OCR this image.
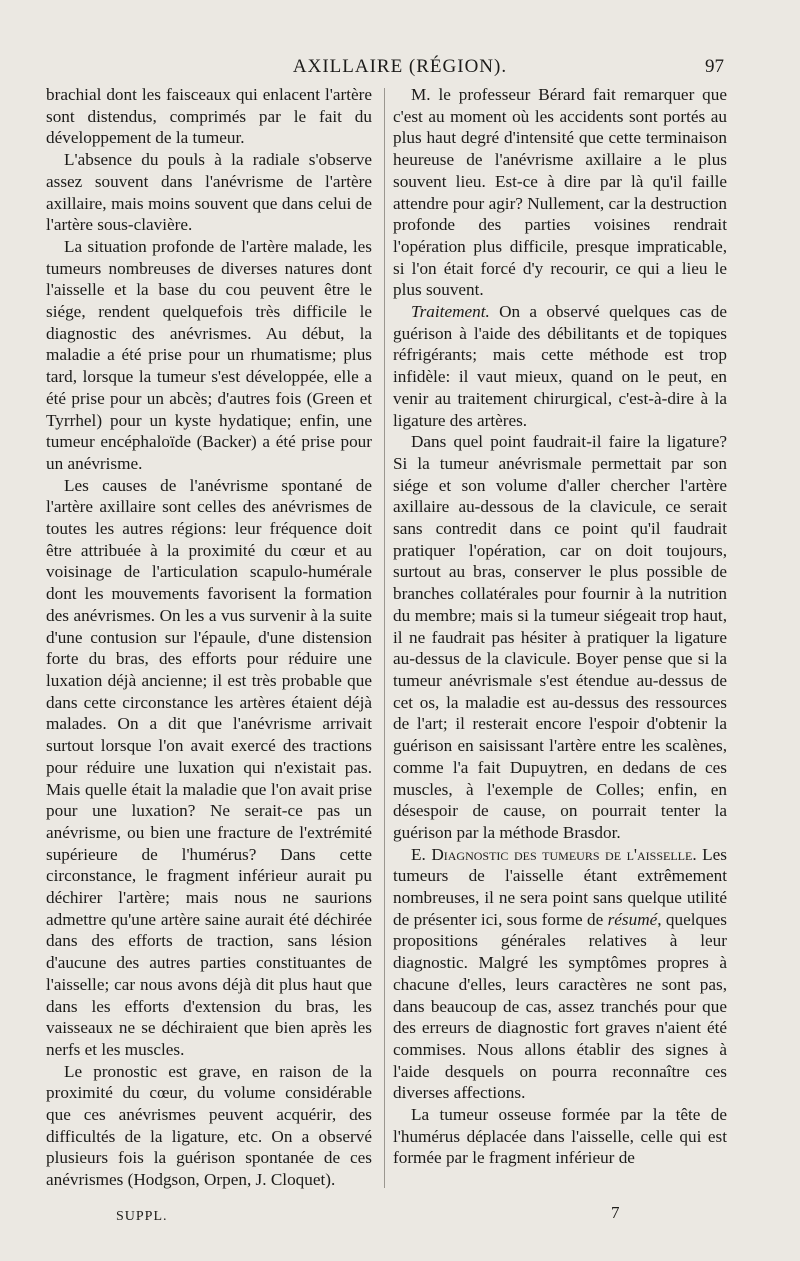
AXILLAIRE (RÉGION).	97

brachial dont les faisceaux qui enlacent l'artère sont distendus, comprimés par le fait du développement de la tumeur.

L'absence du pouls à la radiale s'observe assez souvent dans l'anévrisme de l'artère axillaire, mais moins souvent que dans celui de l'artère sous-clavière.

La situation profonde de l'artère malade, les tumeurs nombreuses de diverses natures dont l'aisselle et la base du cou peuvent être le siége, rendent quelquefois très difficile le diagnostic des anévrismes. Au début, la maladie a été prise pour un rhumatisme; plus tard, lorsque la tumeur s'est développée, elle a été prise pour un abcès; d'autres fois (Green et Tyrrhel) pour un kyste hydatique; enfin, une tumeur encéphaloïde (Backer) a été prise pour un anévrisme.

Les causes de l'anévrisme spontané de l'artère axillaire sont celles des anévrismes de toutes les autres régions: leur fréquence doit être attribuée à la proximité du cœur et au voisinage de l'articulation scapulo-humérale dont les mouvements favorisent la formation des anévrismes. On les a vus survenir à la suite d'une contusion sur l'épaule, d'une distension forte du bras, des efforts pour réduire une luxation déjà ancienne; il est très probable que dans cette circonstance les artères étaient déjà malades. On a dit que l'anévrisme arrivait surtout lorsque l'on avait exercé des tractions pour réduire une luxation qui n'existait pas. Mais quelle était la maladie que l'on avait prise pour une luxation? Ne serait-ce pas un anévrisme, ou bien une fracture de l'extrémité supérieure de l'humérus? Dans cette circonstance, le fragment inférieur aurait pu déchirer l'artère; mais nous ne saurions admettre qu'une artère saine aurait été déchirée dans des efforts de traction, sans lésion d'aucune des autres parties constituantes de l'aisselle; car nous avons déjà dit plus haut que dans les efforts d'extension du bras, les vaisseaux ne se déchiraient que bien après les nerfs et les muscles.

Le pronostic est grave, en raison de la proximité du cœur, du volume considérable que ces anévrismes peuvent acquérir, des difficultés de la ligature, etc. On a observé plusieurs fois la guérison spontanée de ces anévrismes (Hodgson, Orpen, J. Cloquet).

M. le professeur Bérard fait remarquer que c'est au moment où les accidents sont portés au plus haut degré d'intensité que cette terminaison heureuse de l'anévrisme axillaire a le plus souvent lieu. Est-ce à dire par là qu'il faille attendre pour agir? Nullement, car la destruction profonde des parties voisines rendrait l'opération plus difficile, presque impraticable, si l'on était forcé d'y recourir, ce qui a lieu le plus souvent.

Traitement. On a observé quelques cas de guérison à l'aide des débilitants et de topiques réfrigérants; mais cette méthode est trop infidèle: il vaut mieux, quand on le peut, en venir au traitement chirurgical, c'est-à-dire à la ligature des artères.

Dans quel point faudrait-il faire la ligature? Si la tumeur anévrismale permettait par son siége et son volume d'aller chercher l'artère axillaire au-dessous de la clavicule, ce serait sans contredit dans ce point qu'il faudrait pratiquer l'opération, car on doit toujours, surtout au bras, conserver le plus possible de branches collatérales pour fournir à la nutrition du membre; mais si la tumeur siégeait trop haut, il ne faudrait pas hésiter à pratiquer la ligature au-dessus de la clavicule. Boyer pense que si la tumeur anévrismale s'est étendue au-dessus de cet os, la maladie est au-dessus des ressources de l'art; il resterait encore l'espoir d'obtenir la guérison en saisissant l'artère entre les scalènes, comme l'a fait Dupuytren, en dedans de ces muscles, à l'exemple de Colles; enfin, en désespoir de cause, on pourrait tenter la guérison par la méthode Brasdor.

E. Diagnostic des tumeurs de l'aisselle. Les tumeurs de l'aisselle étant extrêmement nombreuses, il ne sera point sans quelque utilité de présenter ici, sous forme de résumé, quelques propositions générales relatives à leur diagnostic. Malgré les symptômes propres à chacune d'elles, leurs caractères ne sont pas, dans beaucoup de cas, assez tranchés pour que des erreurs de diagnostic fort graves n'aient été commises. Nous allons établir des signes à l'aide desquels on pourra reconnaître ces diverses affections.

La tumeur osseuse formée par la tête de l'humérus déplacée dans l'aisselle, celle qui est formée par le fragment inférieur de

SUPPL.	7
